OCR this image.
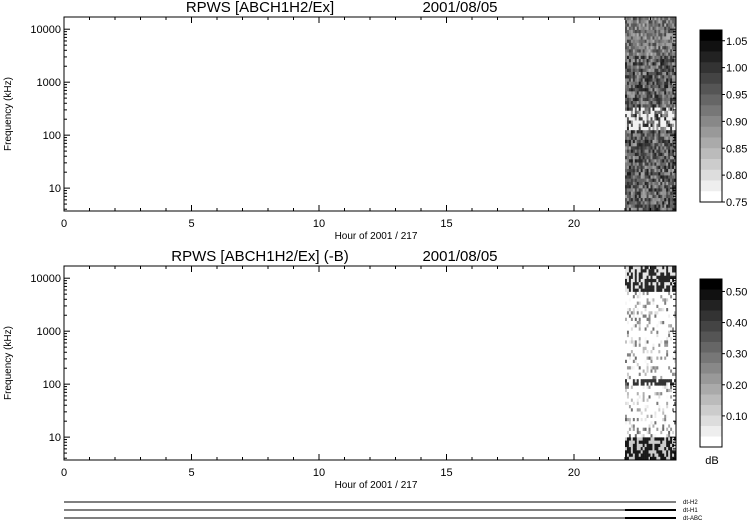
0	5	10	15	20
Hour of 2001 / 217
10
100
1000
10000
Frequency (kHz)
RPWS [ABCH1H2/Ex]	2001/08/05
1.05
1.00
0.95
0.90
0.85
0.80
0.75
0	5	10	15	20
Hour of 2001 / 217
10
100
1000
10000
Frequency (kHz)
RPWS [ABCH1H2/Ex] (-B)	2001/08/05
0.50
0.40
0.30
0.20
0.10
dB
dt-H2
dt-H1
dt-ABC
